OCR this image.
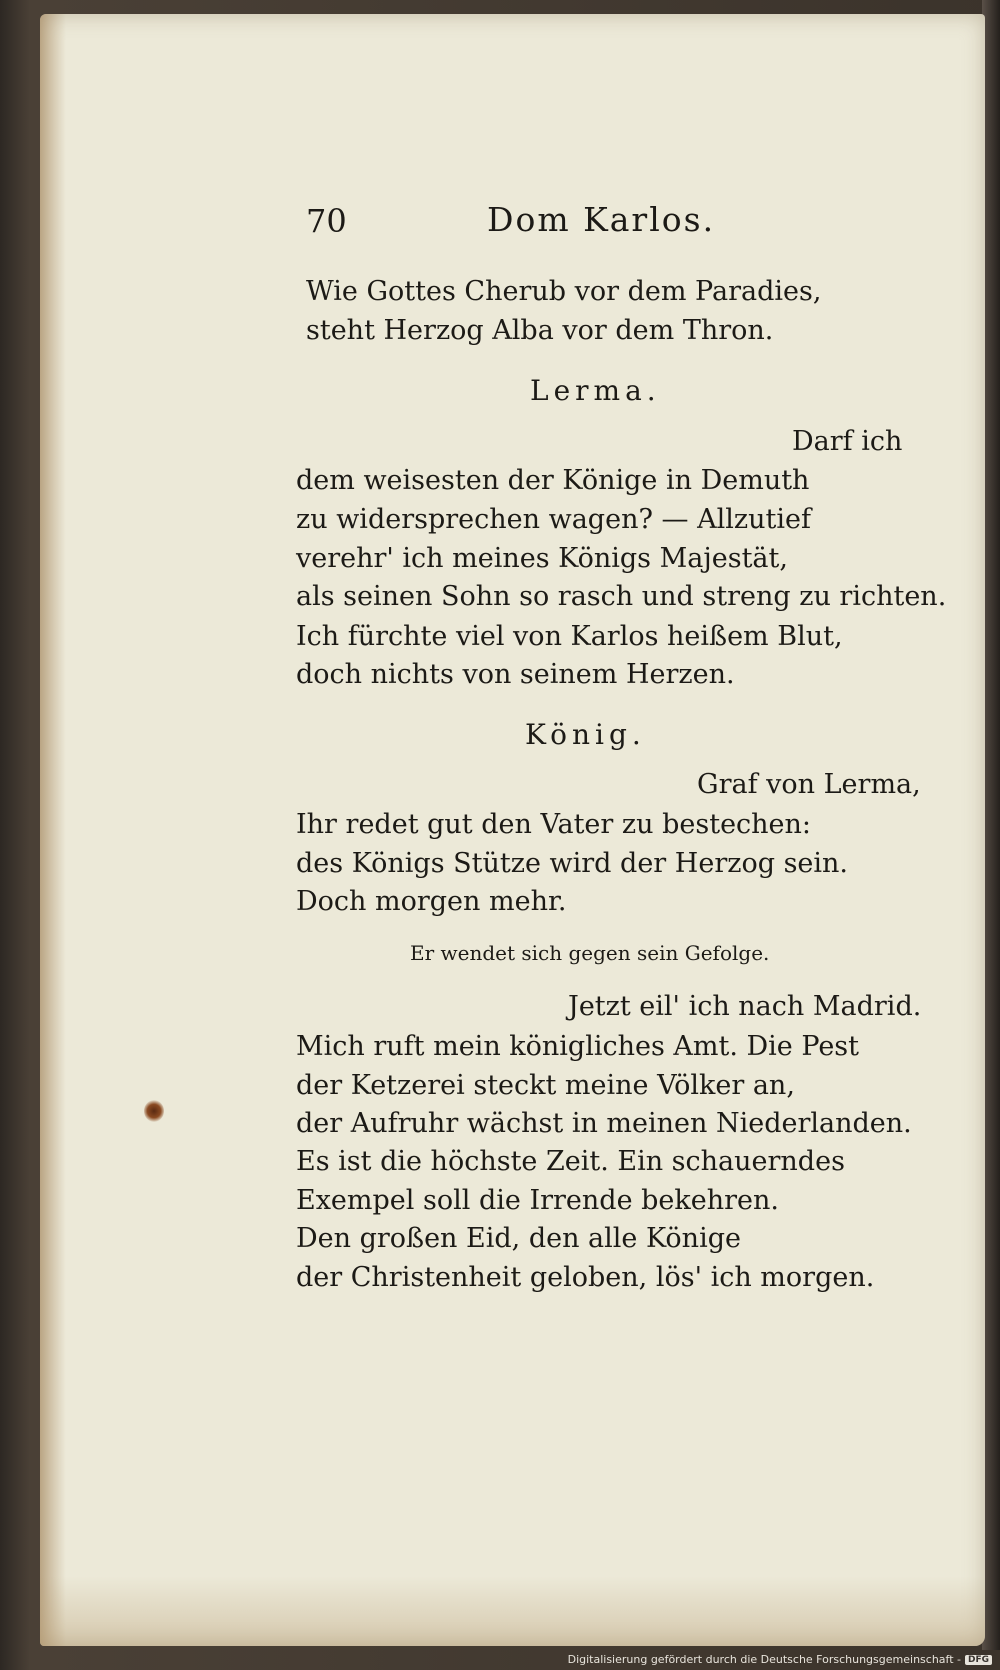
70	Dom Karlos.
Wie Gottes Cherub vor dem Paradies,
steht Herzog Alba vor dem Thron.
Lerma.
Darf ich
dem weisesten der Könige in Demuth
zu widersprechen wagen? — Allzutief
verehr' ich meines Königs Majestät,
als seinen Sohn so rasch und streng zu richten.
Ich fürchte viel von Karlos heißem Blut,
doch nichts von seinem Herzen.
König.
Graf von Lerma,
Ihr redet gut den Vater zu bestechen:
des Königs Stütze wird der Herzog sein.
Doch morgen mehr.
Er wendet sich gegen sein Gefolge.
Jetzt eil' ich nach Madrid.
Mich ruft mein königliches Amt. Die Pest
der Ketzerei steckt meine Völker an,
der Aufruhr wächst in meinen Niederlanden.
Es ist die höchste Zeit. Ein schauerndes
Exempel soll die Irrende bekehren.
Den großen Eid, den alle Könige
der Christenheit geloben, lös' ich morgen.
Digitalisierung gefördert durch die Deutsche Forschungsgemeinschaft - DFG
